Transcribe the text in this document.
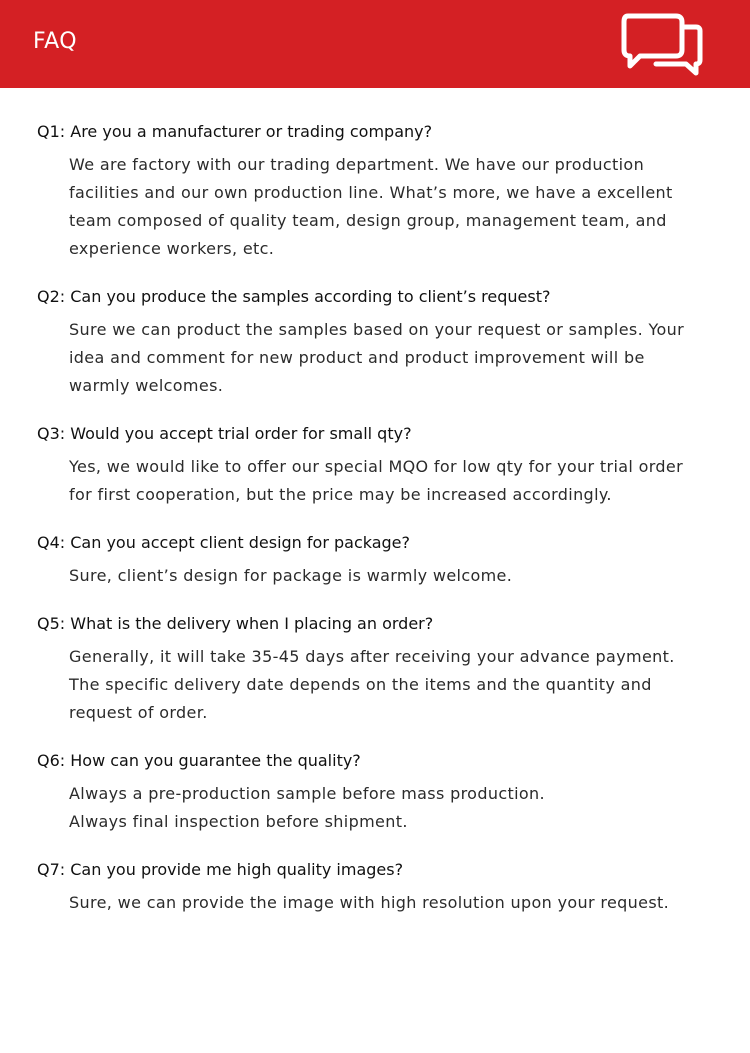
FAQ
Q1: Are you a manufacturer or trading company?
We are factory with our trading department. We have our production
facilities and our own production line. What’s more, we have a excellent
team composed of quality team, design group, management team, and
experience workers, etc.
Q2: Can you produce the samples according to client’s request?
Sure we can product the samples based on your request or samples. Your
idea and comment for new product and product improvement will be
warmly welcomes.
Q3: Would you accept trial order for small qty?
Yes, we would like to offer our special MQO for low qty for your trial order
for first cooperation, but the price may be increased accordingly.
Q4: Can you accept client design for package?
Sure, client’s design for package is warmly welcome.
Q5: What is the delivery when I placing an order?
Generally, it will take 35-45 days after receiving your advance payment.
The specific delivery date depends on the items and the quantity and
request of order.
Q6: How can you guarantee the quality?
Always a pre-production sample before mass production.
Always final inspection before shipment.
Q7: Can you provide me high quality images?
Sure, we can provide the image with high resolution upon your request.
